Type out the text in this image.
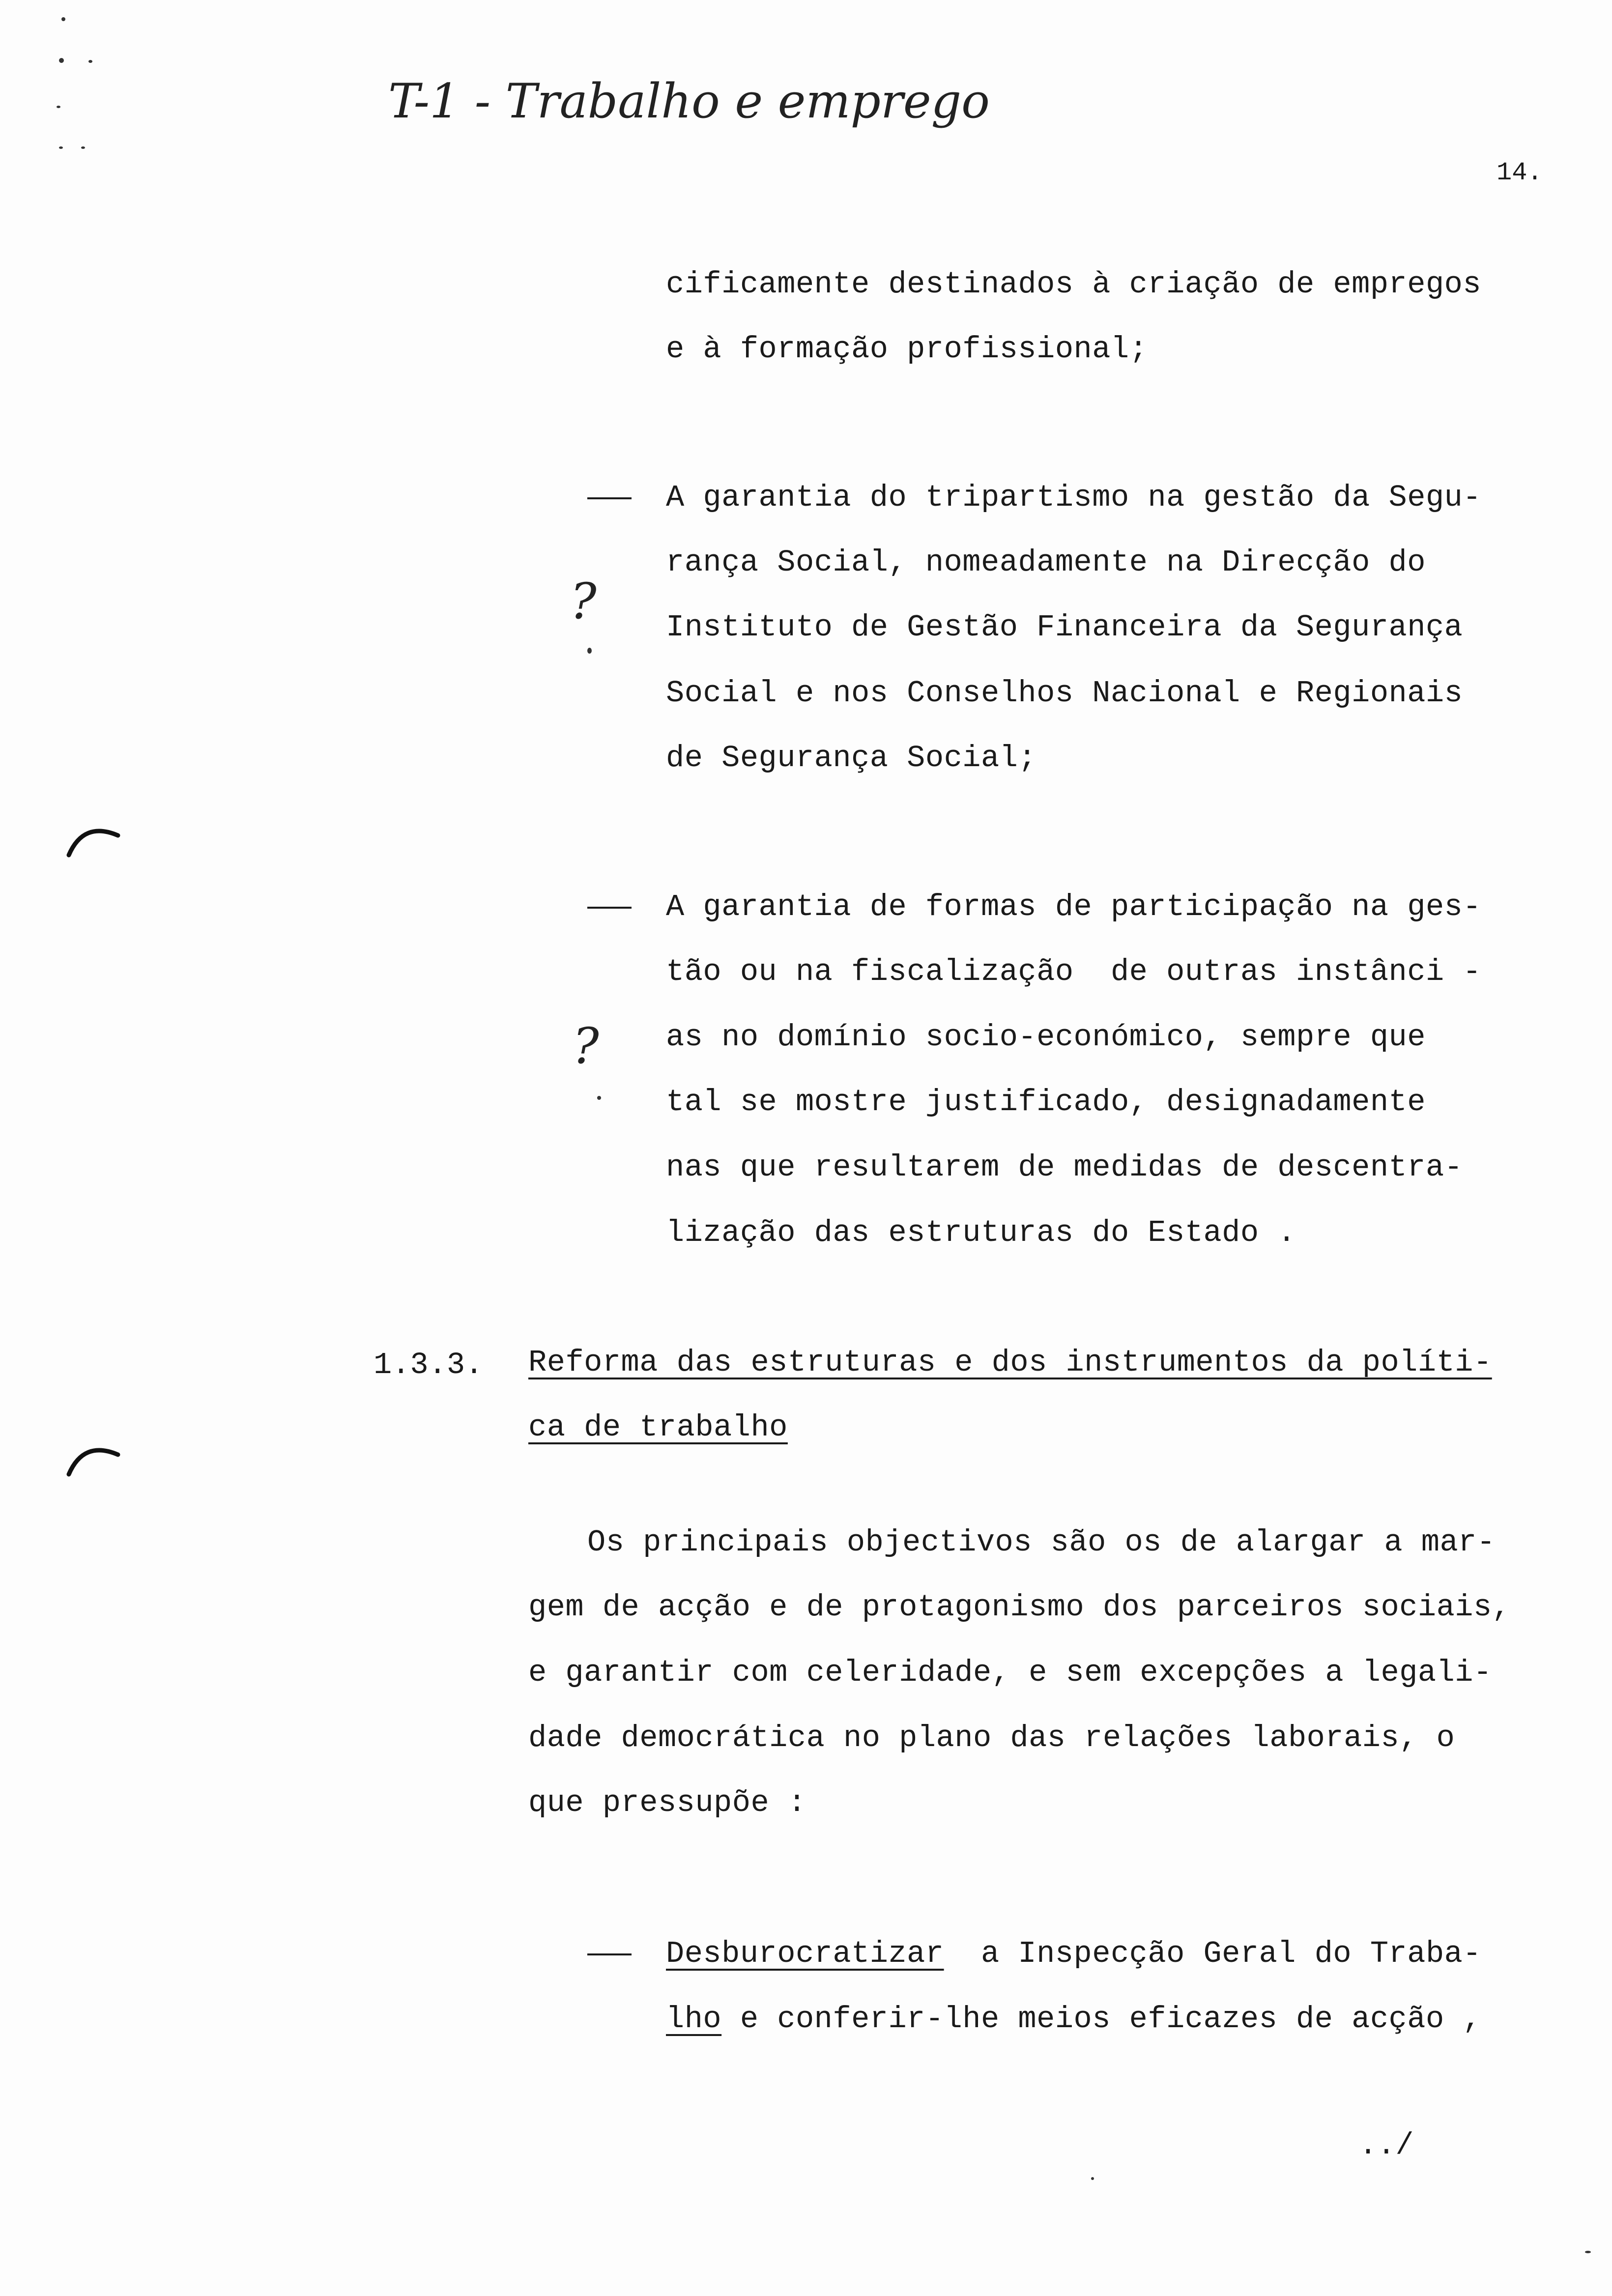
T-1 - Trabalho e emprego
14.
cificamente destinados à criação de empregos
e à formação profissional;
A garantia do tripartismo na gestão da Segu-
rança Social, nomeadamente na Direcção do
Instituto de Gestão Financeira da Segurança
Social e nos Conselhos Nacional e Regionais
de Segurança Social;
?
A garantia de formas de participação na ges-
tão ou na fiscalização  de outras instânci -
as no domínio socio-económico, sempre que
tal se mostre justificado, designadamente
nas que resultarem de medidas de descentra-
lização das estruturas do Estado .
?
1.3.3. Reforma das estruturas e dos instrumentos da políti-
ca de trabalho
Os principais objectivos são os de alargar a mar-
gem de acção e de protagonismo dos parceiros sociais,
e garantir com celeridade, e sem excepções a legali-
dade democrática no plano das relações laborais, o
que pressupõe :
Desburocratizar  a Inspecção Geral do Traba-
lho e conferir-lhe meios eficazes de acção ,
../
